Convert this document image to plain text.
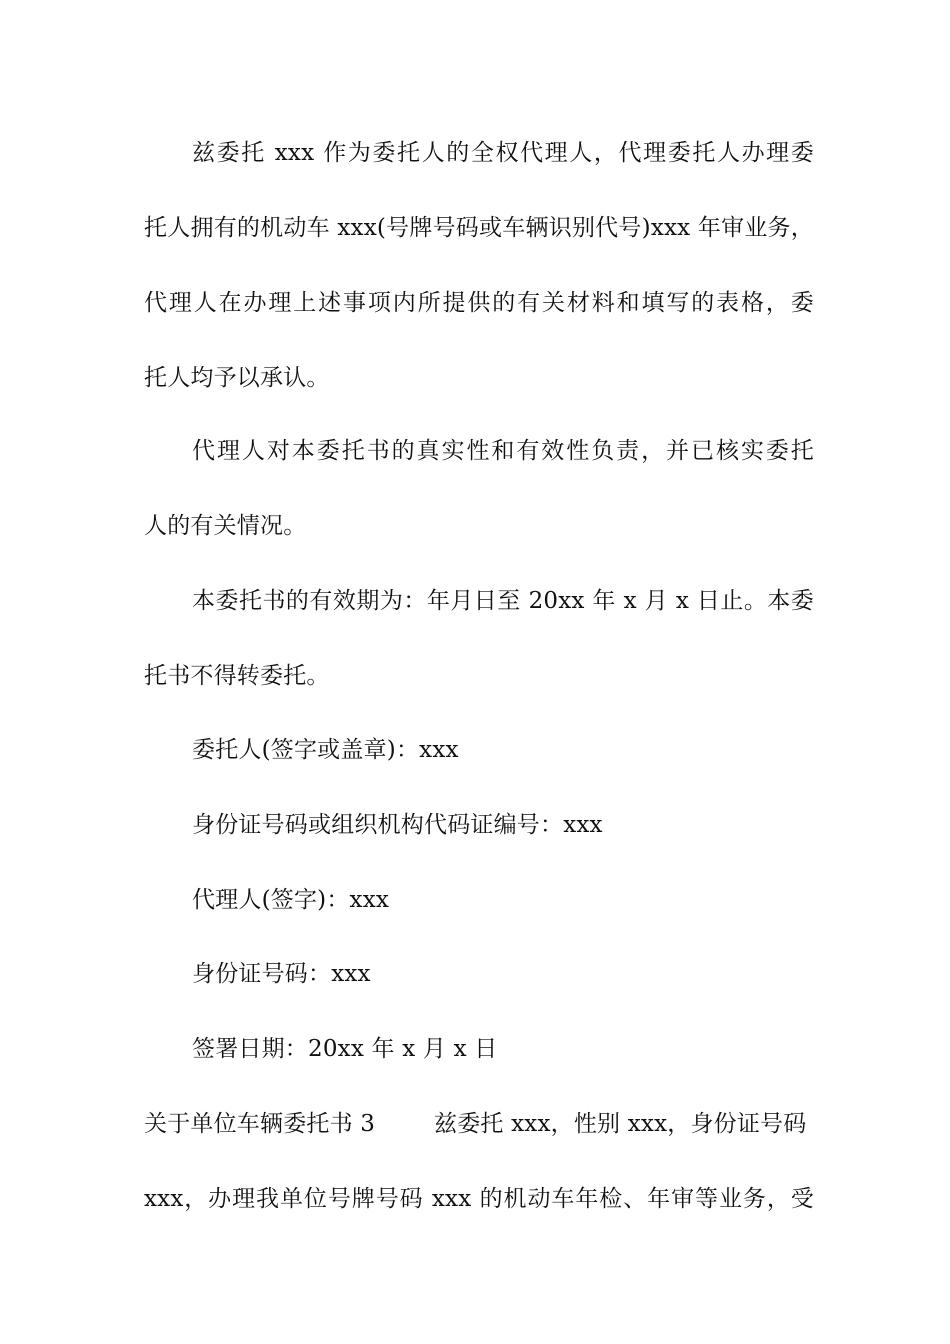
兹委托 xxx 作为委托人的全权代理人，代理委托人办理委
托人拥有的机动车 xxx(号牌号码或车辆识别代号)xxx 年审业务，
代理人在办理上述事项内所提供的有关材料和填写的表格，委
托人均予以承认。
代理人对本委托书的真实性和有效性负责，并已核实委托
人的有关情况。
本委托书的有效期为：年月日至 20xx 年 x 月 x 日止。本委
托书不得转委托。
委托人(签字或盖章)：xxx
身份证号码或组织机构代码证编号：xxx
代理人(签字)：xxx
身份证号码：xxx
签署日期：20xx 年 x 月 x 日
关于单位车辆委托书 3	兹委托 xxx，性别 xxx，身份证号码
xxx，办理我单位号牌号码 xxx 的机动车年检、年审等业务，受
